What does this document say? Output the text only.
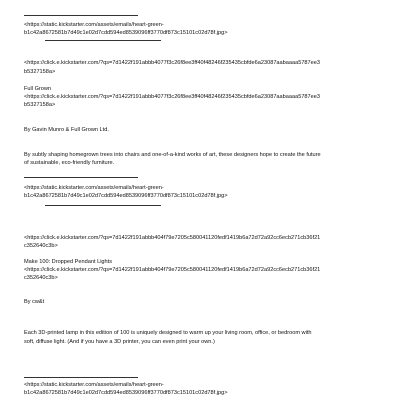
<https://static.kickstarter.com/assets/emails/heart-green-
b1c42a8672581b7d49c1e02d7cdd594ed8539096ff3770df873c15101c02d78f.jpg>
<https://click.e.kickstarter.com/?qs=7d1422f191abbb4077f3c26f8ee3ff40f48246f235435cbfde6a23087aabaaaa5787ee3
b5327158a>
Full Grown
<https://click.e.kickstarter.com/?qs=7d1422f191abbb4077f3c26f8ee3ff40f48246f235435cbfde6a23087aabaaaa5787ee3
b5327158a>
By Gavin Munro & Full Grown Ltd.
By subtly shaping homegrown trees into chairs and one-of-a-kind works of art, these designers hope to create the future
of sustainable, eco-friendly furniture.
<https://static.kickstarter.com/assets/emails/heart-green-
b1c42a8672581b7d49c1e02d7cdd594ed8539096ff3770df873c15101c02d78f.jpg>
<https://click.e.kickstarter.com/?qs=7d1422f191abbb404f79e7205c580041120fedf1419b6a72d72a92cc6ecb271cb36f21
c352640c3b>
Make 100: Dropped Pendant Lights
<https://click.e.kickstarter.com/?qs=7d1422f191abbb404f79e7205c580041120fedf1419b6a72d72a92cc6ecb271cb36f21
c352640c3b>
By cw&t
Each 3D-printed lamp in this edition of 100 is uniquely designed to warm up your living room, office, or bedroom with
soft, diffuse light. (And if you have a 3D printer, you can even print your own.)
<https://static.kickstarter.com/assets/emails/heart-green-
b1c42a8672581b7d49c1e02d7cdd594ed8539096ff3770df873c15101c02d78f.jpg>
